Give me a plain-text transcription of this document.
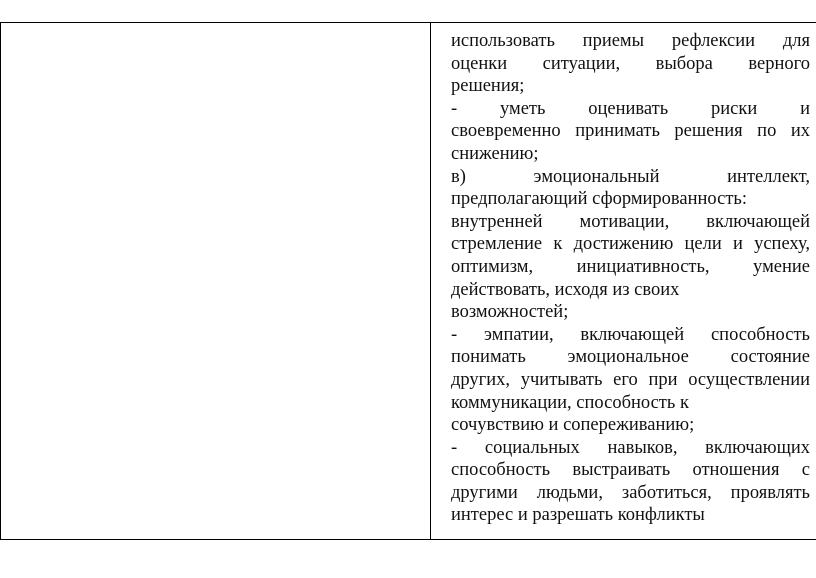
использовать приемы рефлексии для
оценки ситуации, выбора верного
решения;
- уметь оценивать риски и
своевременно принимать решения по их
снижению;
в) эмоциональный интеллект,
предполагающий сформированность:
внутренней мотивации, включающей
стремление к достижению цели и успеху,
оптимизм, инициативность, умение
действовать, исходя из своих
возможностей;
- эмпатии, включающей способность
понимать эмоциональное состояние
других, учитывать его при осуществлении
коммуникации, способность к
сочувствию и сопереживанию;
- социальных навыков, включающих
способность выстраивать отношения с
другими людьми, заботиться, проявлять
интерес и разрешать конфликты
